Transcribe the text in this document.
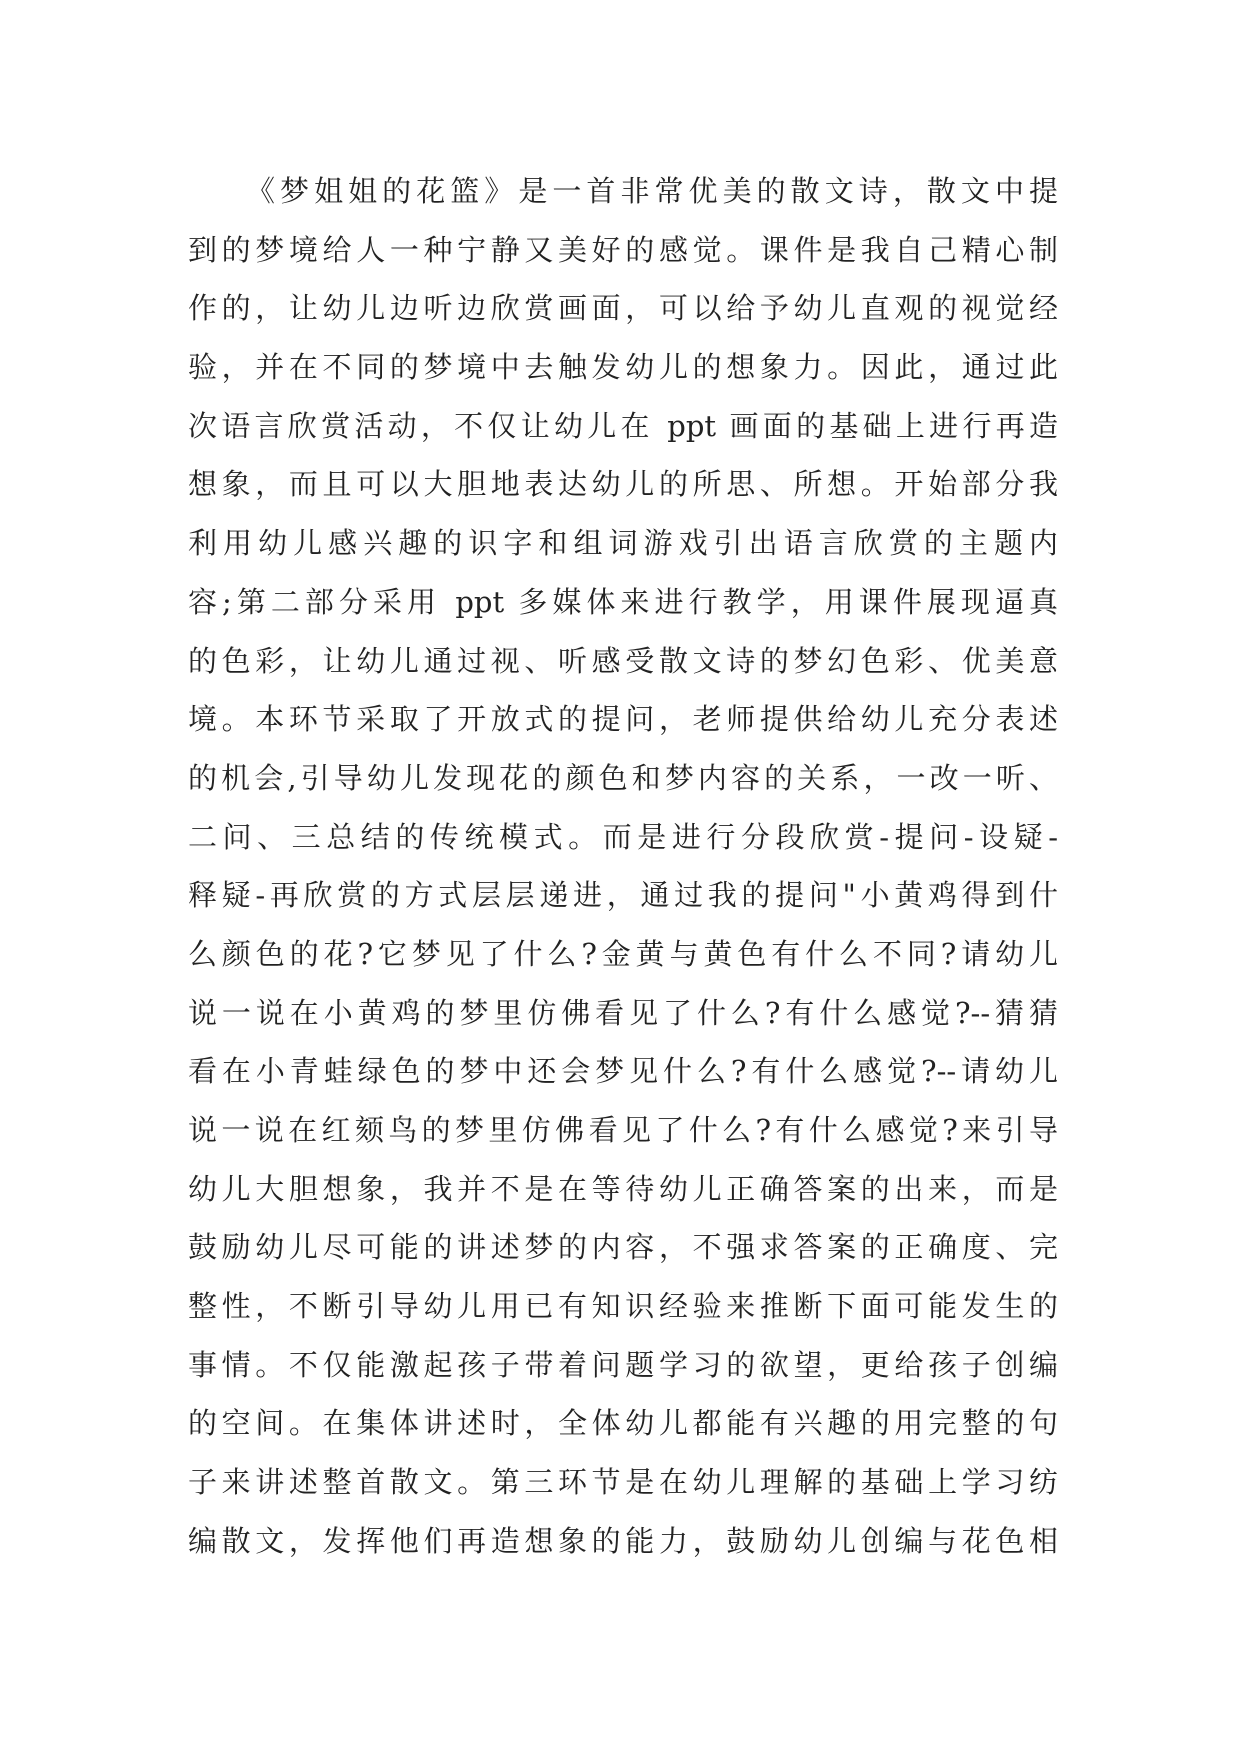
《梦姐姐的花篮》是一首非常优美的散文诗，散文中提
到的梦境给人一种宁静又美好的感觉。课件是我自己精心制
作的，让幼儿边听边欣赏画面，可以给予幼儿直观的视觉经
验，并在不同的梦境中去触发幼儿的想象力。因此，通过此
次语言欣赏活动，不仅让幼儿在 ppt 画面的基础上进行再造
想象，而且可以大胆地表达幼儿的所思、所想。开始部分我
利用幼儿感兴趣的识字和组词游戏引出语言欣赏的主题内
容;第二部分采用 ppt 多媒体来进行教学，用课件展现逼真
的色彩，让幼儿通过视、听感受散文诗的梦幻色彩、优美意
境。本环节采取了开放式的提问，老师提供给幼儿充分表述
的机会,引导幼儿发现花的颜色和梦内容的关系，一改一听、
二问、三总结的传统模式。而是进行分段欣赏-提问-设疑-
释疑-再欣赏的方式层层递进，通过我的提问"小黄鸡得到什
么颜色的花?它梦见了什么?金黄与黄色有什么不同?请幼儿
说一说在小黄鸡的梦里仿佛看见了什么?有什么感觉?--猜猜
看在小青蛙绿色的梦中还会梦见什么?有什么感觉?--请幼儿
说一说在红颏鸟的梦里仿佛看见了什么?有什么感觉?来引导
幼儿大胆想象，我并不是在等待幼儿正确答案的出来，而是
鼓励幼儿尽可能的讲述梦的内容，不强求答案的正确度、完
整性，不断引导幼儿用已有知识经验来推断下面可能发生的
事情。不仅能激起孩子带着问题学习的欲望，更给孩子创编
的空间。在集体讲述时，全体幼儿都能有兴趣的用完整的句
子来讲述整首散文。第三环节是在幼儿理解的基础上学习纺
编散文，发挥他们再造想象的能力，鼓励幼儿创编与花色相
